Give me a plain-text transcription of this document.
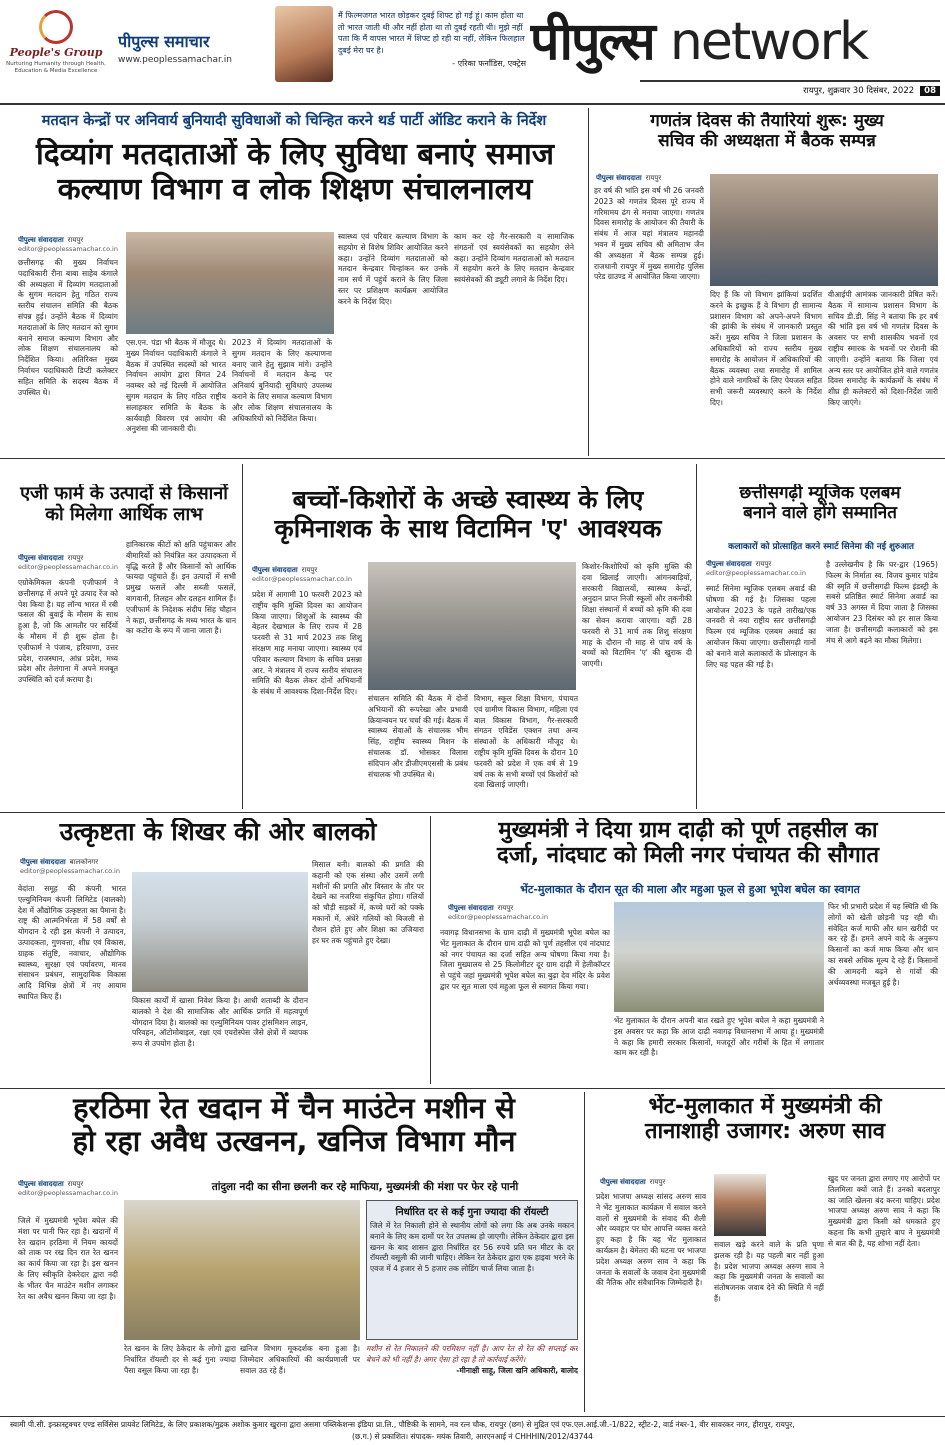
People's Group
Nurturing Humanity through Health, Education & Media Excellence
पीपुल्स समाचार
www.peoplessamachar.in
मैं फिल्मजगत भारत छोड़कर दुबई शिफ्ट हो गई हूं। काम होता था तो भारत जाती थी और नहीं होता था तो दुबई रहती थी। मुझे नहीं पता कि मैं वापस भारत में शिफ्ट हो रही या नहीं, लेकिन फिलहाल दुबई मेरा घर है।
- एरिका फर्नांडिस, एक्ट्रेस पीपुल्स network
रायपुर, शुक्रवार 30 दिसंबर, 2022 08
मतदान केन्द्रों पर अनिवार्य बुनियादी सुविधाओं को चिन्हित करने थर्ड पार्टी ऑडिट कराने के निर्देश
दिव्यांग मतदाताओं के लिए सुविधा बनाएं समाज
कल्याण विभाग व लोक शिक्षण संचालनालय
पीपुल्स संवाददाता रायपुर
editor@peoplessamachar.co.in
छत्तीसगढ़ की मुख्य निर्वाचन पदाधिकारी रीना बाबा साहेब कंगाले की अध्यक्षता में दिव्यांग मतदाताओं के सुगम मतदान हेतु गठित राज्य स्तरीय संचालन समिति की बैठक संपन्न हुई। उन्होंने बैठक में दिव्यांग मतदाताओं के लिए मतदान को सुगम बनाने समाज कल्याण विभाग और लोक शिक्षण संचालनालय को निर्देशित किया। अतिरिक्त मुख्य निर्वाचन पदाधिकारी डिप्टी कलेक्टर सहित समिति के सदस्य बैठक में उपस्थित थे।
एस.एन. पंडा भी बैठक में मौजूद थे। मुख्य निर्वाचन पदाधिकारी कंगाले ने बैठक में उपस्थित सदस्यों को भारत निर्वाचन आयोग द्वारा विगत 24 नवम्बर को नई दिल्ली में आयोजित सुगम मतदान के लिए गठित राष्ट्रीय सलाहकार समिति के बैठक के कार्यवाही विवरण एवं आयोग की अनुशंसा की जानकारी दी।
2023 में दिव्यांग मतदाताओं के सुगम मतदान के लिए कल्याणना बनाए जाने हेतु सुझाव मांगे। उन्होंने निर्वाचनों में मतदान केन्द्र पर अनिवार्य बुनियादी सुविधाएं उपलब्ध कराने के लिए समाज कल्याण विभाग और लोक शिक्षण संचालनालय के अधिकारियों को निर्देशित किया।
स्वास्थ्य एवं परिवार कल्याण विभाग के सहयोग से विशेष शिविर आयोजित करने कहा। उन्होंने दिव्यांग मतदाताओं को मतदान केन्द्रवार चिन्हांकन कर उनके नाम सर्च में पहुंचें कराने के लिए जिला स्तर पर प्रशिक्षण कार्यक्रम आयोजित करने के निर्देश दिए।
काम कर रहे गैर-सरकारी व सामाजिक संगठनों एवं स्वयंसेवकों का सहयोग लेने कहा। उन्होंने दिव्यांग मतदाताओं को मतदान में सहयोग करने के लिए मतदान केन्द्रवार स्वयंसेवकों की ड्यूटी लगाने के निर्देश दिए।
गणतंत्र दिवस की तैयारियां शुरू: मुख्य
सचिव की अध्यक्षता में बैठक सम्पन्न
पीपुल्स संवाददाता रायपुर
हर वर्ष की भांति इस वर्ष भी 26 जनवरी 2023 को गणतंत्र दिवस पूरे राज्य में गरिमामय ढंग से मनाया जाएगा। गणतंत्र दिवस समारोह के आयोजन की तैयारी के संबंध में आज यहां मंत्रालय महानदी भवन में मुख्य सचिव श्री अमिताभ जैन की अध्यक्षता में बैठक सम्पन्न हुई। राजधानी रायपुर में मुख्य समारोह पुलिस परेड ग्राउण्ड में आयोजित किया जाएगा।
दिए हैं कि जो विभाग झांकियां प्रदर्शित करने के इच्छुक हैं वे विभाग ही सामान्य प्रशासन विभाग को अपने-अपने विभाग की झांकी के संबंध में जानकारी प्रस्तुत करें। मुख्य सचिव ने जिला प्रशासन के अधिकारियों को राज्य स्तरीय मुख्य समारोह के आयोजन में अधिकारियों की बैठक व्यवस्था तथा समारोह में शामिल होने वाले नागरिकों के लिए पेयजल सहित सभी जरूरी व्यवस्थाएं करने के निर्देश दिए।
वीआईपी आमंत्रक जानकारी प्रेषित करें। बैठक में सामान्य प्रशासन विभाग के सचिव डी.डी. सिंह ने बताया कि हर वर्ष की भांति इस वर्ष भी गणतंत्र दिवस के अवसर पर सभी शासकीय भवनों एवं राष्ट्रीय स्मारक के भवनों पर रोशनी की जाएगी। उन्होंने बताया कि जिला एवं अन्य स्तर पर आयोजित होने वाले गणतंत्र दिवस समारोह के कार्यक्रमों के संबंध में शीघ्र ही कलेक्टरों को दिशा-निर्देश जारी किए जाएंगे।
एजी फार्म के उत्पादों से किसानों
को मिलेगा आर्थिक लाभ
पीपुल्स संवाददाता रायपुर
editor@peoplessamachar.co.in
एग्रोकेमिकल कंपनी एजीफार्म ने छत्तीसगढ़ में अपने पूरे उत्पाद रेंज को पेश किया है। यह लॉन्च भारत में रबी फसल की बुवाई के मौसम के साथ हुआ है, जो कि आमतौर पर सर्दियों के मौसम में ही शुरू होता है। एजीफार्म ने पंजाब, हरियाणा, उत्तर प्रदेश, राजस्थान, आंध्र प्रदेश, मध्य प्रदेश और तेलंगाना में अपने मजबूत उपस्थिति को दर्ज कराया है।
हानिकारक कीटों को क्षति पहुंचाकर और बीमारियों को नियंत्रित कर उत्पादकता में वृद्धि करते हैं और किसानों को आर्थिक फायदा पहुंचाते हैं। इन उत्पादों में सभी प्रमुख फसलें और सब्जी फसलें, बागवानी, तिलहन और दलहन शामिल हैं। एजीफार्म के निदेशक संदीप सिंह चौहान ने कहा, छत्तीसगढ़ के मध्य भारत के धान का कटोरा के रूप में जाना जाता है।
बच्चों-किशोरों के अच्छे स्वास्थ्य के लिए
कृमिनाशक के साथ विटामिन 'ए' आवश्यक
पीपुल्स संवाददाता रायपुर
editor@peoplessamachar.co.in
प्रदेश में आगामी 10 फरवरी 2023 को राष्ट्रीय कृमि मुक्ति दिवस का आयोजन किया जाएगा। शिशुओं के स्वास्थ्य की बेहतर देखभाल के लिए राज्य में 28 फरवरी से 31 मार्च 2023 तक शिशु संरक्षण माह मनाया जाएगा। स्वास्थ्य एवं परिवार कल्याण विभाग के सचिव प्रसन्ना आर. ने मंत्रालय में राज्य स्तरीय संचालन समिति की बैठक लेकर दोनों अभियानों के संबंध में आवश्यक दिशा-निर्देश दिए।
संचालन समिति की बैठक में दोनों अभियानों की रूपरेखा और प्रभावी क्रियान्वयन पर चर्चा की गई। बैठक में स्वास्थ्य सेवाओं के संचालक भीम सिंह, राष्ट्रीय स्वास्थ्य मिशन के संचालक डॉ. भोसकर विलास संदिपान और डीजीएमएससी के प्रबंध संचालक भी उपस्थित थे।
विभाग, स्कूल शिक्षा विभाग, पंचायत एवं ग्रामीण विकास विभाग, महिला एवं बाल विकास विभाग, गैर-सरकारी संगठन एविडेंस एक्शन तथा अन्य संस्थाओं के अधिकारी मौजूद थे। राष्ट्रीय कृमि मुक्ति दिवस के दौरान 10 फरवरी को प्रदेश में एक वर्ष से 19 वर्ष तक के सभी बच्चों एवं किशोरों को दवा खिलाई जाएगी।
किशोर-किशोरियों को कृमि मुक्ति की दवा खिलाई जाएगी। आंगनबाड़ियों, सरकारी विद्यालयों, स्वास्थ्य केन्द्रों, अनुदान प्राप्त निजी स्कूलों और तकनीकी शिक्षा संस्थानों में बच्चों को कृमि की दवा का सेवन कराया जाएगा। वहीं 28 फरवरी से 31 मार्च तक शिशु संरक्षण माह के दौरान नौ माह से पांच वर्ष के बच्चों को विटामिन 'ए' की खुराक दी जाएगी।
छत्तीसगढ़ी म्यूजिक एलबम
बनाने वाले होंगे सम्मानित
कलाकारों को प्रोत्साहित करने स्मार्ट सिनेमा की नई शुरुआत
पीपुल्स संवाददाता रायपुर
editor@peoplessamachar.co.in
स्मार्ट सिनेमा म्यूजिक एलबम अवार्ड की घोषणा की गई है। जिसका पहला आयोजन 2023 के पहले तारीख/एक जनवरी से नया राष्ट्रीय स्तर छत्तीसगढ़ी फिल्म एवं म्यूजिक एलबम अवार्ड का आयोजन किया जाएगा। छत्तीसगढ़ी गानों को बनाने वाले कलाकारों के प्रोत्साहन के लिए यह पहल की गई है।
है उल्लेखनीय है कि घर-द्वार (1965) फिल्म के निर्माता स्व. विजय कुमार पांडेय की स्मृति में छत्तीसगढ़ी फिल्म इंडस्ट्री के सबसे प्रतिष्ठित स्मार्ट सिनेमा अवार्ड का वर्ष 33 अगस्त में दिया जाता है जिसका आयोजन 23 दिसंबर को हर साल किया जाता है। छत्तीसगढ़ी कलाकारों को इस मंच से आगे बढ़ने का मौका मिलेगा।
उत्कृष्टता के शिखर की ओर बालको
पीपुल्स संवाददाता बालकोनगर
editor@peoplessamachar.co.in
वेदांता समूह की कंपनी भारत एल्युमिनियम कंपनी लिमिटेड (बालको) देश में औद्योगिक उत्कृष्टता का पैमाना है। राष्ट्र की आत्मनिर्भरता में 58 वर्षों से योगदान दे रही इस कंपनी ने उत्पादन, उत्पादकता, गुणवत्ता, शीघ्र एवं विकास, ग्राहक संतुष्टि, नवाचार, औद्योगिक स्वास्थ्य, सुरक्षा एवं पर्यावरण, मानव संसाधन प्रबंधन, सामुदायिक विकास आदि विभिन्न क्षेत्रों में नए आयाम स्थापित किए हैं।	विकास कार्यों में खासा निवेश किया है। आधी शताब्दी के दौरान बालको ने देश की सामाजिक और आर्थिक प्रगति में महत्वपूर्ण योगदान दिया है। बालको का एल्युमिनियम पावर ट्रांसमिशन लाइन, परिवहन, ऑटोमोबाइल, रक्षा एवं एयरोस्पेस जैसे क्षेत्रों में व्यापक रूप से उपयोग होता है।
मिसाल बनी। बालको की प्रगति की कहानी को एक संस्था और उसमें लगी मशीनों की प्रगति और विस्तार के तौर पर देखने का नजरिया संकुचित होगा। गलियों को चौड़ी सड़कों में, कच्चे घरों को पक्के मकानों में, अंधेरे गलियों को बिजली से रौशन होते हुए और शिक्षा का उजियारा हर घर तक पहुंचाते हुए देखा।
मुख्यमंत्री ने दिया ग्राम दाढ़ी को पूर्ण तहसील का
दर्जा, नांदघाट को मिली नगर पंचायत की सौगात
भेंट-मुलाकात के दौरान सूत की माला और महुआ फूल से हुआ भूपेश बघेल का स्वागत
पीपुल्स संवाददाता रायपुर
editor@peoplessamachar.co.in
नवागढ़ विधानसभा के ग्राम दाढ़ी में मुख्यमंत्री भूपेश बघेल का भेंट मुलाकात के दौरान ग्राम दाढ़ी को पूर्ण तहसील एवं नांदघाट को नगर पंचायत का दर्जा सहित अन्य घोषणा किया गया है। जिला मुख्यालय से 25 किलोमीटर दूर ग्राम दाढ़ी में हेलीकॉप्टर से पहुंचे जहां मुख्यमंत्री भूपेश बघेल का बुढ़ा देव मंदिर के प्रवेश द्वार पर सूत माला एवं महुआ फूल से स्वागत किया गया।
भेंट मुलाकात के दौरान अपनी बात रखते हुए भूपेश बघेल ने कहा मुख्यमंत्री ने इस अवसर पर कहा कि आज दाढ़ी नवागढ़ विधानसभा में आया हूं। मुख्यमंत्री ने कहा कि हमारी सरकार किसानों, मजदूरों और गरीबों के हित में लगातार काम कर रही है।
फिर भी प्रभारी प्रदेश में यह स्थिति थी कि लोगों को खेती छोड़नी पड़ रही थी। संवेदित कर्ज माफी और धान खरीदी पर कर रहे हैं। हमने अपने वादे के अनुरूप किसानों का कर्ज माफ किया और धान का सबसे अधिक मूल्य दे रहे हैं। किसानों की आमदनी बढ़ने से गांवों की अर्थव्यवस्था मजबूत हुई है।
हरठिमा रेत खदान में चैन माउंटेन मशीन से
हो रहा अवैध उत्खनन, खनिज विभाग मौन
पीपुल्स संवाददाता रायपुर
editor@peoplessamachar.co.in	तांदुला नदी का सीना छलनी कर रहे माफिया, मुख्यमंत्री की मंशा पर फेर रहे पानी
जिले में मुख्यमंत्री भूपेश बघेल की मंशा पर पानी फिर रहा है। खदानों में रेत खदान हरठिमा में नियम कायदों को ताक पर रख दिन रात रेत खनन का कार्य किया जा रहा है। इस खनन के लिए स्वीकृति देकरेदार द्वारा नदी के भीतर चैन माउंटेन मशीन लगाकर रेत का अवैध खनन किया जा रहा है।
रेत खनन के लिए ठेकेदार के लोगो द्वारा निर्धारित रॉयल्टी दर से कई गुना ज्यादा पैसा वसूल किया जा रहा है।
खनिज विभाग मूकदर्शक बना हुआ है। जिम्मेदार अधिकारियों की कार्यप्रणाली पर सवाल उठ रहे हैं।
निर्धारित दर से कई गुना ज्यादा की रॉयल्टी
जिले में रेत निकाली होने से स्थानीय लोगों को लगा कि अब उनके मकान बनाने के लिए कम दामों पर रेत उपलब्ध हो जाएगी। लेकिन ठेकेदार द्वारा इस खनन के बाद शासन द्वारा निर्धारित दर 56 रुपये प्रति घन मीटर के दर रॉयल्टी वसूली की जानी चाहिए। लेकिन रेत ठेकेदार द्वारा एक हाइवा भरने के एवज में 4 हजार से 5 हजार तक लोडिंग चार्ज लिया जाता है।
मशीन से रेत निकालने की परमिशन नहीं है। आप रेत से रेत की सप्लाई कर बेचने को भी नहीं है। अगर ऐसा हो रहा है तो कार्रवाई करेंगे।
-मीनाक्षी साहू, जिला खनि अधिकारी, बालोद
भेंट-मुलाकात में मुख्यमंत्री की
तानाशाही उजागर: अरुण साव
पीपुल्स संवाददाता रायपुर
प्रदेश भाजपा अध्यक्ष सांसद अरुण साव ने भेंट मुलाकात कार्यक्रम में सवाल करने वालों से मुख्यमंत्री के संवाद की शैली और व्यवहार पर घोर आपत्ति व्यक्त करते हुए कहा है कि यह भेंट मुलाकात कार्यक्रम है। बेमेतरा की घटना पर भाजपा प्रदेश अध्यक्ष अरुण साव ने कहा कि जनता के सवालों के जवाब देना मुख्यमंत्री की नैतिक और संवैधानिक जिम्मेदारी है।
सवाल खड़े करने वाले के प्रति घृणा झलक रही है। यह पहली बार नहीं हुआ है। प्रदेश भाजपा अध्यक्ष अरुण साव ने कहा कि मुख्यमंत्री जनता के सवालों का संतोषजनक जवाब देने की स्थिति में नहीं हैं।
खुद पर जनता द्वारा लगाए गए आरोपों पर तिलमिला क्यों जाते हैं। उनको बदलापुर का जाति खेलना बंद करना चाहिए। प्रदेश भाजपा अध्यक्ष अरुण साव ने कहा कि मुख्यमंत्री द्वारा किसी को धमकाते हुए कहना कि कभी तुम्हारे बाप ने मुख्यमंत्री से बात की है, यह शोभा नहीं देता।
स्वामी पी.सी. इन्फ्रास्ट्रक्चर एण्ड सर्विसेस प्रायवेट लिमिटेड, के लिए प्रकाशक/मुद्रक अशोक कुमार खुराना द्वारा असमा पब्लिकेशन्स इंडिया प्रा.लि., पौष्टिकी के सामने, नव रत्न चौक, रायपुर (छग) से मुद्रित एवं एफ.एल.आई.जी.-1/822, स्ट्रीट-2, वार्ड नंबर-1, वीर सावरकर नगर, हीरापुर, रायपुर,
(छ.ग.) से प्रकाशित। संपादक- मयंक तिवारी, आरएनआई नं CHHHIN/2012/43744
